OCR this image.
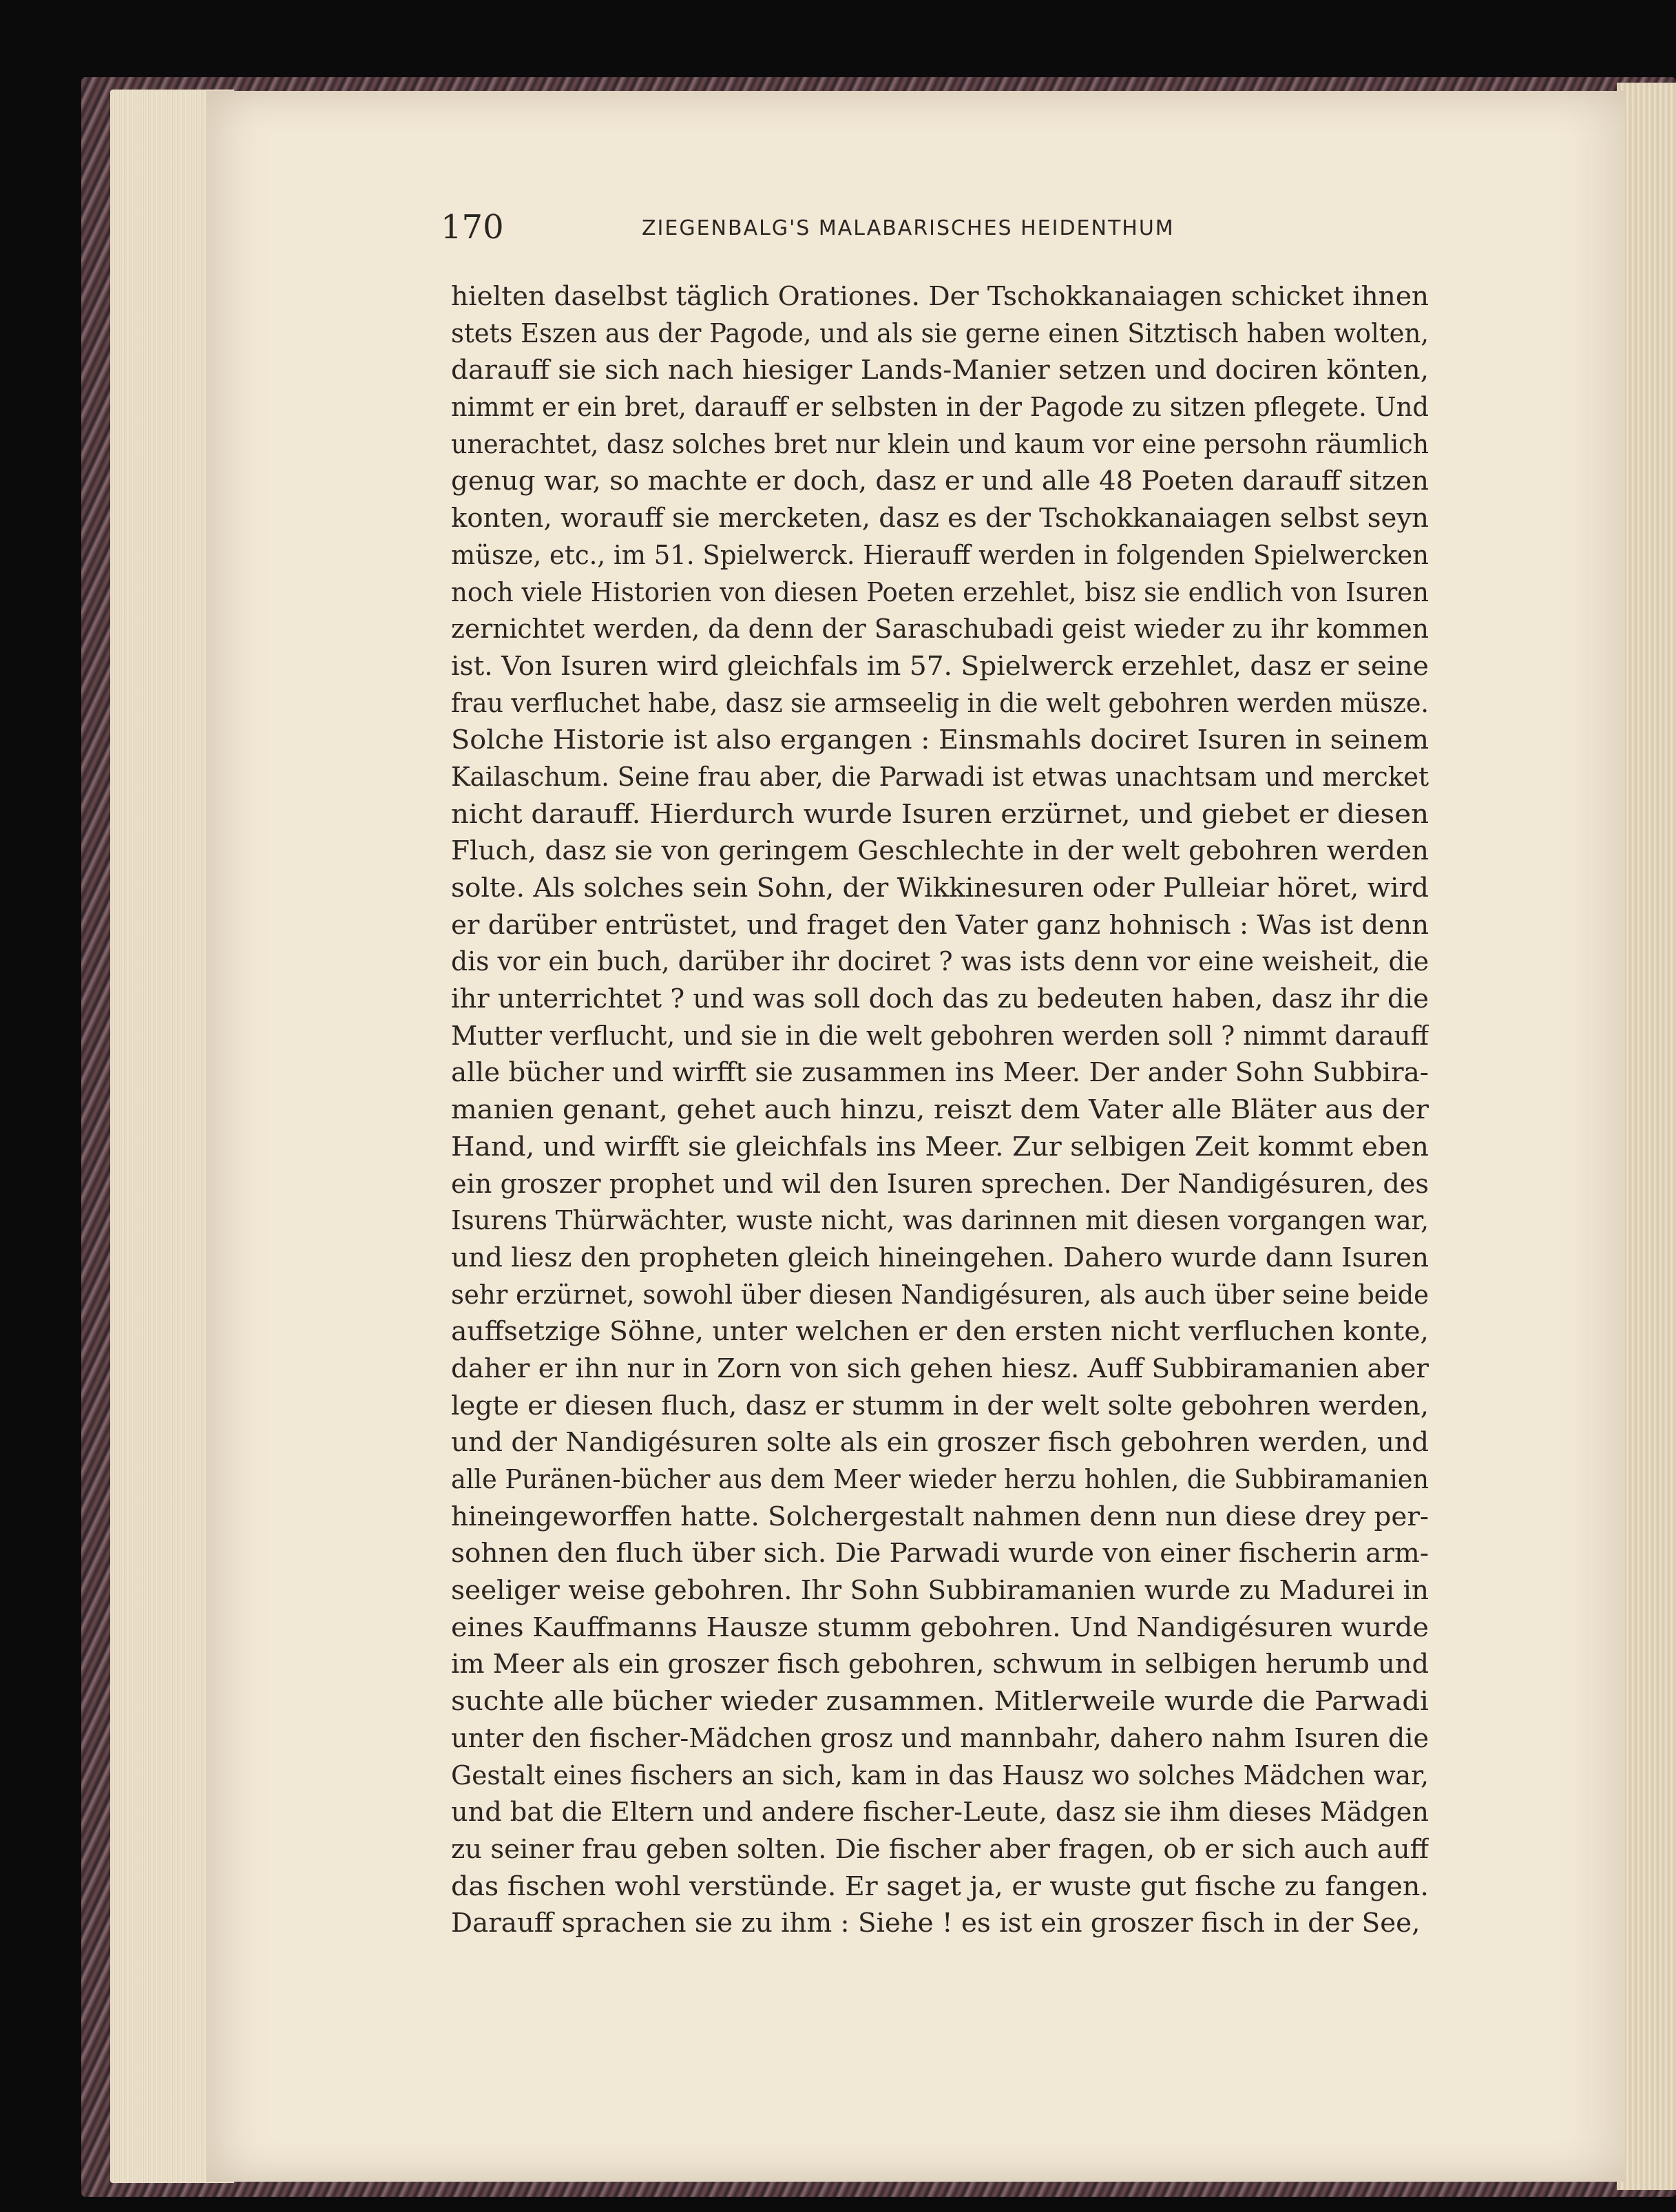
170	ZIEGENBALG'S MALABARISCHES HEIDENTHUM
hielten daselbst täglich Orationes. Der Tschokkanaiagen schicket ihnen
stets Eszen aus der Pagode, und als sie gerne einen Sitztisch haben wolten,
darauff sie sich nach hiesiger Lands-Manier setzen und dociren könten,
nimmt er ein bret, darauff er selbsten in der Pagode zu sitzen pflegete. Und
unerachtet, dasz solches bret nur klein und kaum vor eine persohn räumlich
genug war, so machte er doch, dasz er und alle 48 Poeten darauff sitzen
konten, worauff sie mercketen, dasz es der Tschokkanaiagen selbst seyn
müsze, etc., im 51. Spielwerck. Hierauff werden in folgenden Spielwercken
noch viele Historien von diesen Poeten erzehlet, bisz sie endlich von Isuren
zernichtet werden, da denn der Saraschubadi geist wieder zu ihr kommen
ist. Von Isuren wird gleichfals im 57. Spielwerck erzehlet, dasz er seine
frau verfluchet habe, dasz sie armseelig in die welt gebohren werden müsze.
Solche Historie ist also ergangen : Einsmahls dociret Isuren in seinem
Kailaschum. Seine frau aber, die Parwadi ist etwas unachtsam und mercket
nicht darauff. Hierdurch wurde Isuren erzürnet, und giebet er diesen
Fluch, dasz sie von geringem Geschlechte in der welt gebohren werden
solte. Als solches sein Sohn, der Wikkinesuren oder Pulleiar höret, wird
er darüber entrüstet, und fraget den Vater ganz hohnisch : Was ist denn
dis vor ein buch, darüber ihr dociret ? was ists denn vor eine weisheit, die
ihr unterrichtet ? und was soll doch das zu bedeuten haben, dasz ihr die
Mutter verflucht, und sie in die welt gebohren werden soll ? nimmt darauff
alle bücher und wirfft sie zusammen ins Meer. Der ander Sohn Subbira-
manien genant, gehet auch hinzu, reiszt dem Vater alle Bläter aus der
Hand, und wirfft sie gleichfals ins Meer. Zur selbigen Zeit kommt eben
ein groszer prophet und wil den Isuren sprechen. Der Nandigésuren, des
Isurens Thürwächter, wuste nicht, was darinnen mit diesen vorgangen war,
und liesz den propheten gleich hineingehen. Dahero wurde dann Isuren
sehr erzürnet, sowohl über diesen Nandigésuren, als auch über seine beide
auffsetzige Söhne, unter welchen er den ersten nicht verfluchen konte,
daher er ihn nur in Zorn von sich gehen hiesz. Auff Subbiramanien aber
legte er diesen fluch, dasz er stumm in der welt solte gebohren werden,
und der Nandigésuren solte als ein groszer fisch gebohren werden, und
alle Puränen-bücher aus dem Meer wieder herzu hohlen, die Subbiramanien
hineingeworffen hatte. Solchergestalt nahmen denn nun diese drey per-
sohnen den fluch über sich. Die Parwadi wurde von einer fischerin arm-
seeliger weise gebohren. Ihr Sohn Subbiramanien wurde zu Madurei in
eines Kauffmanns Hausze stumm gebohren. Und Nandigésuren wurde
im Meer als ein groszer fisch gebohren, schwum in selbigen herumb und
suchte alle bücher wieder zusammen. Mitlerweile wurde die Parwadi
unter den fischer-Mädchen grosz und mannbahr, dahero nahm Isuren die
Gestalt eines fischers an sich, kam in das Hausz wo solches Mädchen war,
und bat die Eltern und andere fischer-Leute, dasz sie ihm dieses Mädgen
zu seiner frau geben solten. Die fischer aber fragen, ob er sich auch auff
das fischen wohl verstünde. Er saget ja, er wuste gut fische zu fangen.
Darauff sprachen sie zu ihm : Siehe ! es ist ein groszer fisch in der See,
